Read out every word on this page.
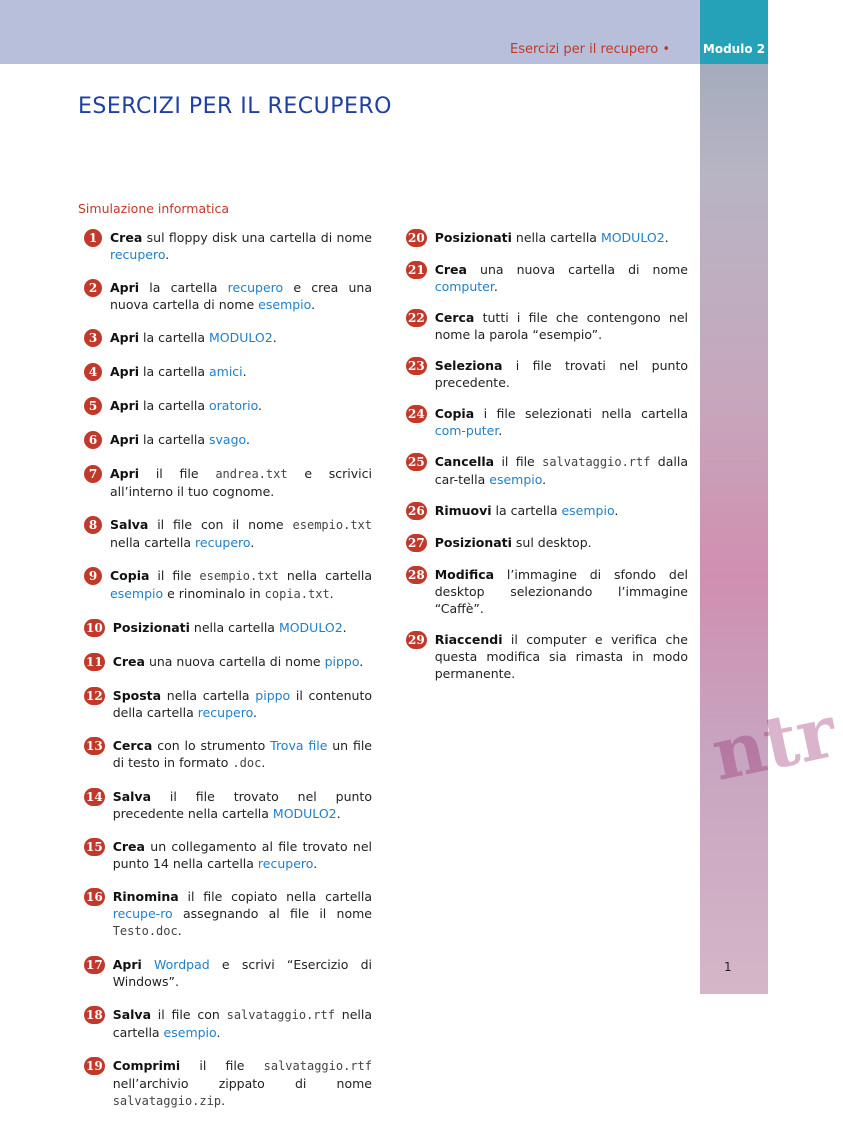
Esercizi per il recupero •	Modulo 2
ntr
ESERCIZI PER IL RECUPERO
Simulazione informatica
1	Crea sul floppy disk una cartella di nome recupero.
2	Apri la cartella recupero e crea una nuova cartella di nome esempio.
3	Apri la cartella MODULO2.
4	Apri la cartella amici.
5	Apri la cartella oratorio.
6	Apri la cartella svago.
7	Apri il file andrea.txt e scrivici all’interno il tuo cognome.
8	Salva il file con il nome esempio.txt nella cartella recupero.
9	Copia il file esempio.txt nella cartella esempio e rinominalo in copia.txt.
10 Posizionati nella cartella MODULO2.
11 Crea una nuova cartella di nome pippo.
12 Sposta nella cartella pippo il contenuto della cartella recupero.
13 Cerca con lo strumento Trova file un file di testo in formato .doc.
14 Salva il file trovato nel punto precedente nella cartella MODULO2.
15 Crea un collegamento al file trovato nel punto 14 nella cartella recupero.
16 Rinomina il file copiato nella cartella recupe-ro assegnando al file il nome Testo.doc.
17 Apri Wordpad e scrivi “Esercizio di Windows”.
18 Salva il file con salvataggio.rtf nella cartella esempio.
19 Comprimi il file salvataggio.rtf nell’archivio zippato di nome salvataggio.zip.
20 Posizionati nella cartella MODULO2.
21 Crea una nuova cartella di nome computer.
22 Cerca tutti i file che contengono nel nome la parola “esempio”.
23 Seleziona i file trovati nel punto precedente.
24 Copia i file selezionati nella cartella com-puter.
25 Cancella il file salvataggio.rtf dalla car-tella esempio.
26 Rimuovi la cartella esempio.
27 Posizionati sul desktop.
28 Modifica l’immagine di sfondo del desktop selezionando l’immagine “Caffè”.
29 Riaccendi il computer e verifica che questa modifica sia rimasta in modo permanente.
1
